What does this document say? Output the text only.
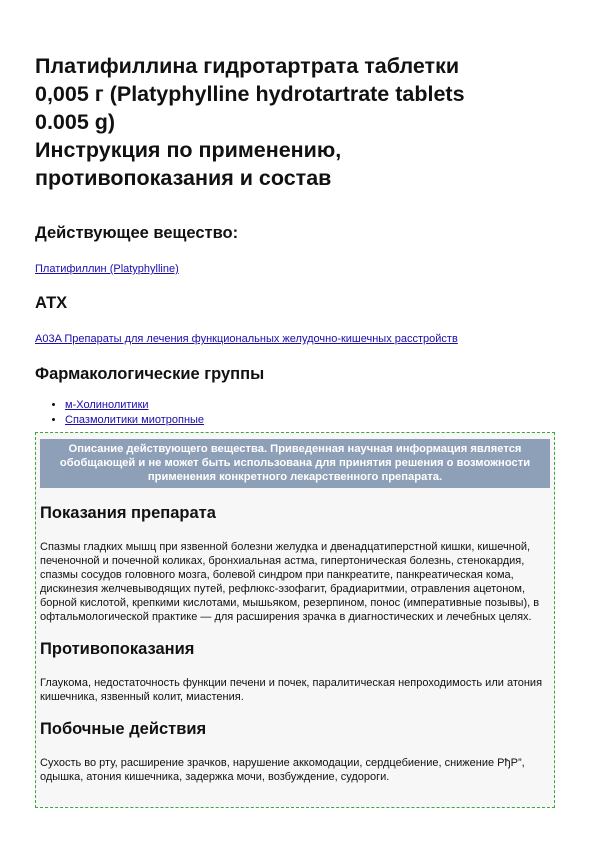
Платифиллина гидротартрата таблетки
0,005 г (Platyphylline hydrotartrate tablets
0.005 g)
Инструкция по применению,
противопоказания и состав
Действующее вещество:
Платифиллин (Platyphylline)
АТХ
A03A Препараты для лечения функциональных желудочно-кишечных расстройств
Фармакологические группы
• м-Холинолитики
• Спазмолитики миотропные
Описание действующего вещества. Приведенная научная информация является обобщающей и не может быть использована для принятия решения о возможности применения конкретного лекарственного препарата.
Показания препарата

Спазмы гладких мышц при язвенной болезни желудка и двенадцатиперстной кишки, кишечной, печеночной и почечной коликах, бронхиальная астма, гипертоническая болезнь, стенокардия, спазмы сосудов головного мозга, болевой синдром при панкреатите, панкреатическая кома, дискинезия желчевыводящих путей, рефлюкс-эзофагит, брадиаритмии, отравления ацетоном, борной кислотой, крепкими кислотами, мышьяком, резерпином, понос (императивные позывы), в офтальмологической практике — для расширения зрачка в диагностических и лечебных целях.

Противопоказания

Глаукома, недостаточность функции печени и почек, паралитическая непроходимость или атония кишечника, язвенный колит, миастения.

Побочные действия

Сухость во рту, расширение зрачков, нарушение аккомодации, сердцебиение, снижение РђР”, одышка, атония кишечника, задержка мочи, возбуждение, судороги.
